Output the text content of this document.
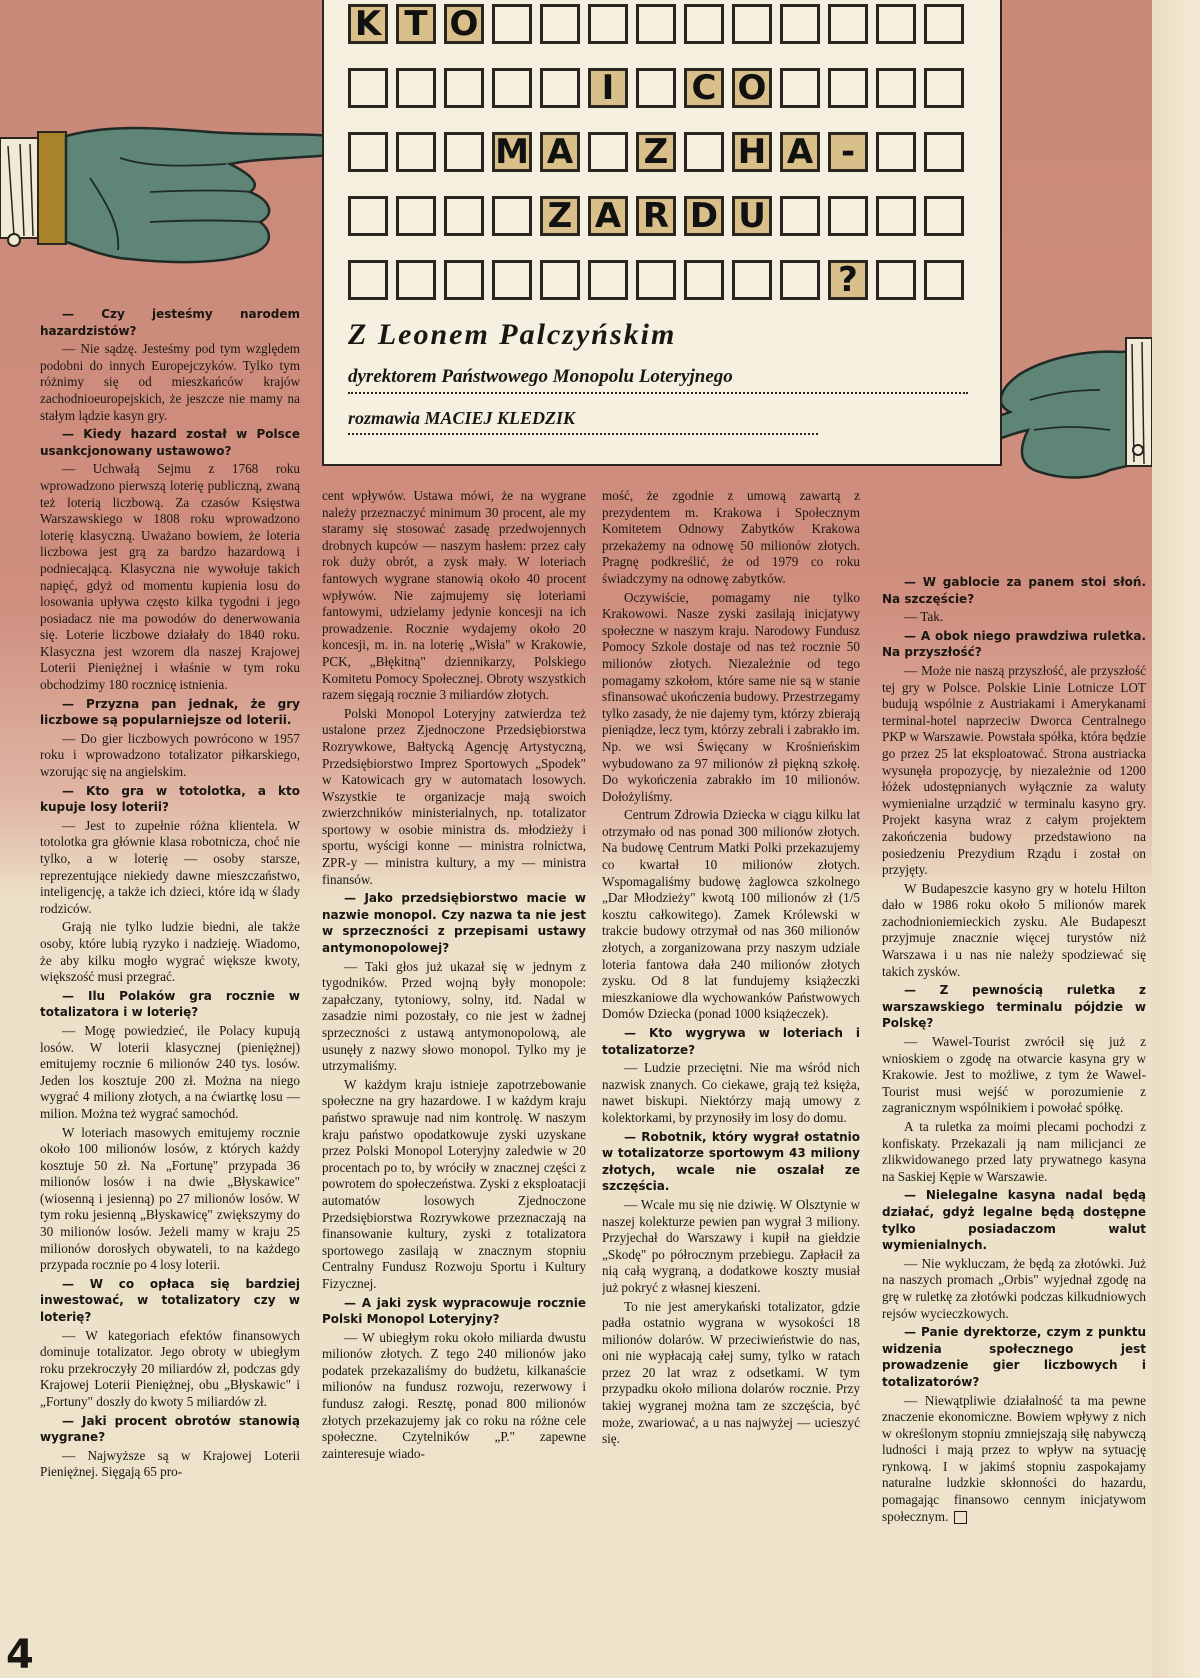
K T O
I	C O
M A Z H A -
Z A R D U
?
Z Leonem Palczyńskim
dyrektorem Państwowego Monopolu Loteryjnego
rozmawia MACIEJ KLEDZIK

— Czy jesteśmy narodem hazardzistów?

— Nie sądzę. Jesteśmy pod tym względem podobni do innych Europejczyków. Tylko tym różnimy się od mieszkańców krajów zachodnioeuropejskich, że jeszcze nie mamy na stałym lądzie kasyn gry.

— Kiedy hazard został w Polsce usankcjonowany ustawowo?

— Uchwałą Sejmu z 1768 roku wprowadzono pierwszą loterię publiczną, zwaną też loterią liczbową. Za czasów Księstwa Warszawskiego w 1808 roku wprowadzono loterię klasyczną. Uważano bowiem, że loteria liczbowa jest grą za bardzo hazardową i podniecającą. Klasyczna nie wywołuje takich napięć, gdyż od momentu kupienia losu do losowania upływa często kilka tygodni i jego posiadacz nie ma powodów do denerwowania się. Loterie liczbowe działały do 1840 roku. Klasyczna jest wzorem dla naszej Krajowej Loterii Pieniężnej i właśnie w tym roku obchodzimy 180 rocznicę istnienia.

— Przyzna pan jednak, że gry liczbowe są popularniejsze od loterii.

— Do gier liczbowych powrócono w 1957 roku i wprowadzono totalizator piłkarskiego, wzorując się na angielskim.

— Kto gra w totolotka, a kto kupuje losy loterii?

— Jest to zupełnie różna klientela. W totolotka gra głównie klasa robotnicza, choć nie tylko, a w loterię — osoby starsze, reprezentujące niekiedy dawne mieszczaństwo, inteligencję, a także ich dzieci, które idą w ślady rodziców.

Grają nie tylko ludzie biedni, ale także osoby, które lubią ryzyko i nadzieję. Wiadomo, że aby kilku mogło wygrać większe kwoty, większość musi przegrać.

— Ilu Polaków gra rocznie w totalizatora i w loterię?

— Mogę powiedzieć, ile Polacy kupują losów. W loterii klasycznej (pieniężnej) emitujemy rocznie 6 milionów 240 tys. losów. Jeden los kosztuje 200 zł. Można na niego wygrać 4 miliony złotych, a na ćwiartkę losu — milion. Można też wygrać samochód.

W loteriach masowych emitujemy rocznie około 100 milionów losów, z których każdy kosztuje 50 zł. Na „Fortunę" przypada 36 milionów losów i na dwie „Błyskawice" (wiosenną i jesienną) po 27 milionów losów. W tym roku jesienną „Błyskawicę" zwiększymy do 30 milionów losów. Jeżeli mamy w kraju 25 milionów dorosłych obywateli, to na każdego przypada rocznie po 4 losy loterii.

— W co opłaca się bardziej inwestować, w totalizatory czy w loterię?

— W kategoriach efektów finansowych dominuje totalizator. Jego obroty w ubiegłym roku przekroczyły 20 miliardów zł, podczas gdy Krajowej Loterii Pieniężnej, obu „Błyskawic" i „Fortuny" doszły do kwoty 5 miliardów zł.

— Jaki procent obrotów stanowią wygrane?

— Najwyższe są w Krajowej Loterii Pieniężnej. Sięgają 65 pro-

cent wpływów. Ustawa mówi, że na wygrane należy przeznaczyć minimum 30 procent, ale my staramy się stosować zasadę przedwojennych drobnych kupców — naszym hasłem: przez cały rok duży obrót, a zysk mały. W loteriach fantowych wygrane stanowią około 40 procent wpływów. Nie zajmujemy się loteriami fantowymi, udzielamy jedynie koncesji na ich prowadzenie. Rocznie wydajemy około 20 koncesji, m. in. na loterię „Wisła" w Krakowie, PCK, „Błękitną" dziennikarzy, Polskiego Komitetu Pomocy Społecznej. Obroty wszystkich razem sięgają rocznie 3 miliardów złotych.

Polski Monopol Loteryjny zatwierdza też ustalone przez Zjednoczone Przedsiębiorstwa Rozrywkowe, Bałtycką Agencję Artystyczną, Przedsiębiorstwo Imprez Sportowych „Spodek" w Katowicach gry w automatach losowych. Wszystkie te organizacje mają swoich zwierzchników ministerialnych, np. totalizator sportowy w osobie ministra ds. młodzieży i sportu, wyścigi konne — ministra rolnictwa, ZPR-y — ministra kultury, a my — ministra finansów.

— Jako przedsiębiorstwo macie w nazwie monopol. Czy nazwa ta nie jest w sprzeczności z przepisami ustawy antymonopolowej?

— Taki głos już ukazał się w jednym z tygodników. Przed wojną były monopole: zapałczany, tytoniowy, solny, itd. Nadal w zasadzie nimi pozostały, co nie jest w żadnej sprzeczności z ustawą antymonopolową, ale usunęły z nazwy słowo monopol. Tylko my je utrzymaliśmy.

W każdym kraju istnieje zapotrzebowanie społeczne na gry hazardowe. I w każdym kraju państwo sprawuje nad nim kontrolę. W naszym kraju państwo opodatkowuje zyski uzyskane przez Polski Monopol Loteryjny zaledwie w 20 procentach po to, by wróciły w znacznej części z powrotem do społeczeństwa. Zyski z eksploatacji automatów losowych Zjednoczone Przedsiębiorstwa Rozrywkowe przeznaczają na finansowanie kultury, zyski z totalizatora sportowego zasilają w znacznym stopniu Centralny Fundusz Rozwoju Sportu i Kultury Fizycznej.

— A jaki zysk wypracowuje rocznie Polski Monopol Loteryjny?

— W ubiegłym roku około miliarda dwustu milionów złotych. Z tego 240 milionów jako podatek przekazaliśmy do budżetu, kilkanaście milionów na fundusz rozwoju, rezerwowy i fundusz załogi. Resztę, ponad 800 milionów złotych przekazujemy jak co roku na różne cele społeczne. Czytelników „P." zapewne zainteresuje wiado-

mość, że zgodnie z umową zawartą z prezydentem m. Krakowa i Społecznym Komitetem Odnowy Zabytków Krakowa przekażemy na odnowę 50 milionów złotych. Pragnę podkreślić, że od 1979 co roku świadczymy na odnowę zabytków.

Oczywiście, pomagamy nie tylko Krakowowi. Nasze zyski zasilają inicjatywy społeczne w naszym kraju. Narodowy Fundusz Pomocy Szkole dostaje od nas też rocznie 50 milionów złotych. Niezależnie od tego pomagamy szkołom, które same nie są w stanie sfinansować ukończenia budowy. Przestrzegamy tylko zasady, że nie dajemy tym, którzy zbierają pieniądze, lecz tym, którzy zebrali i zabrakło im. Np. we wsi Święcany w Krośnieńskim wybudowano za 97 milionów zł piękną szkołę. Do wykończenia zabrakło im 10 milionów. Dołożyliśmy.

Centrum Zdrowia Dziecka w ciągu kilku lat otrzymało od nas ponad 300 milionów złotych. Na budowę Centrum Matki Polki przekazujemy co kwartał 10 milionów złotych. Wspomagaliśmy budowę żaglowca szkolnego „Dar Młodzieży" kwotą 100 milionów zł (1/5 kosztu całkowitego). Zamek Królewski w trakcie budowy otrzymał od nas 360 milionów złotych, a zorganizowana przy naszym udziale loteria fantowa dała 240 milionów złotych zysku. Od 8 lat fundujemy książeczki mieszkaniowe dla wychowanków Państwowych Domów Dziecka (ponad 1000 książeczek).

— Kto wygrywa w loteriach i totalizatorze?

— Ludzie przeciętni. Nie ma wśród nich nazwisk znanych. Co ciekawe, grają też księża, nawet biskupi. Niektórzy mają umowy z kolektorkami, by przynosiły im losy do domu.

— Robotnik, który wygrał ostatnio w totalizatorze sportowym 43 miliony złotych, wcale nie oszalał ze szczęścia.

— Wcale mu się nie dziwię. W Olsztynie w naszej kolekturze pewien pan wygrał 3 miliony. Przyjechał do Warszawy i kupił na giełdzie „Skodę" po półrocznym przebiegu. Zapłacił za nią całą wygraną, a dodatkowe koszty musiał już pokryć z własnej kieszeni.

To nie jest amerykański totalizator, gdzie padła ostatnio wygrana w wysokości 18 milionów dolarów. W przeciwieństwie do nas, oni nie wypłacają całej sumy, tylko w ratach przez 20 lat wraz z odsetkami. W tym przypadku około miliona dolarów rocznie. Przy takiej wygranej można tam ze szczęścia, być może, zwariować, a u nas najwyżej — ucieszyć się.

— W gablocie za panem stoi słoń. Na szczęście?

— Tak.

— A obok niego prawdziwa ruletka. Na przyszłość?

— Może nie naszą przyszłość, ale przyszłość tej gry w Polsce. Polskie Linie Lotnicze LOT budują wspólnie z Austriakami i Amerykanami terminal-hotel naprzeciw Dworca Centralnego PKP w Warszawie. Powstała spółka, która będzie go przez 25 lat eksploatować. Strona austriacka wysunęła propozycję, by niezależnie od 1200 łóżek udostępnianych wyłącznie za waluty wymienialne urządzić w terminalu kasyno gry. Projekt kasyna wraz z całym projektem zakończenia budowy przedstawiono na posiedzeniu Prezydium Rządu i został on przyjęty.

W Budapeszcie kasyno gry w hotelu Hilton dało w 1986 roku około 5 milionów marek zachodnioniemieckich zysku. Ale Budapeszt przyjmuje znacznie więcej turystów niż Warszawa i u nas nie należy spodziewać się takich zysków.

— Z pewnością ruletka z warszawskiego terminalu pójdzie w Polskę?

— Wawel-Tourist zwrócił się już z wnioskiem o zgodę na otwarcie kasyna gry w Krakowie. Jest to możliwe, z tym że Wawel-Tourist musi wejść w porozumienie z zagranicznym wspólnikiem i powołać spółkę.

A ta ruletka za moimi plecami pochodzi z konfiskaty. Przekazali ją nam milicjanci ze zlikwidowanego przed laty prywatnego kasyna na Saskiej Kępie w Warszawie.

— Nielegalne kasyna nadal będą działać, gdyż legalne będą dostępne tylko posiadaczom walut wymienialnych.

— Nie wykluczam, że będą za złotówki. Już na naszych promach „Orbis" wyjednał zgodę na grę w ruletkę za złotówki podczas kilkudniowych rejsów wycieczkowych.

— Panie dyrektorze, czym z punktu widzenia społecznego jest prowadzenie gier liczbowych i totalizatorów?

— Niewątpliwie działalność ta ma pewne znaczenie ekonomiczne. Bowiem wpływy z nich w określonym stopniu zmniejszają siłę nabywczą ludności i mają przez to wpływ na sytuację rynkową. I w jakimś stopniu zaspokajamy naturalne ludzkie skłonności do hazardu, pomagając finansowo cennym inicjatywom społecznym.

4
